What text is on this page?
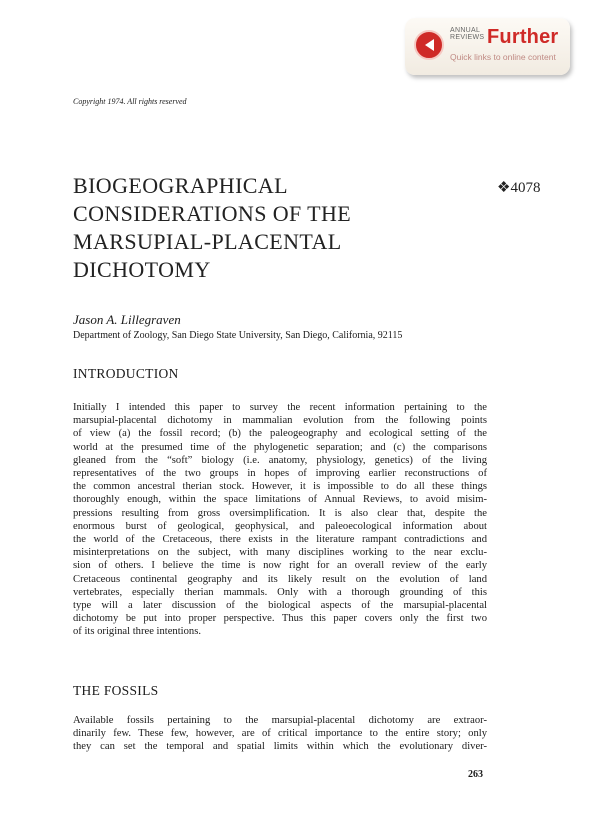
ANNUAL
REVIEWS Further
Quick links to online content
Copyright 1974. All rights reserved
BIOGEOGRAPHICAL
CONSIDERATIONS OF THE
MARSUPIAL-PLACENTAL
DICHOTOMY
❖4078
Jason A. Lillegraven
Department of Zoology, San Diego State University, San Diego, California, 92115
INTRODUCTION
Initially I intended this paper to survey the recent information pertaining to the
marsupial-placental dichotomy in mammalian evolution from the following points
of view (a) the fossil record; (b) the paleogeography and ecological setting of the
world at the presumed time of the phylogenetic separation; and (c) the comparisons
gleaned from the “soft” biology (i.e. anatomy, physiology, genetics) of the living
representatives of the two groups in hopes of improving earlier reconstructions of
the common ancestral therian stock. However, it is impossible to do all these things
thoroughly enough, within the space limitations of Annual Reviews, to avoid misim-
pressions resulting from gross oversimplification. It is also clear that, despite the
enormous burst of geological, geophysical, and paleoecological information about
the world of the Cretaceous, there exists in the literature rampant contradictions and
misinterpretations on the subject, with many disciplines working to the near exclu-
sion of others. I believe the time is now right for an overall review of the early
Cretaceous continental geography and its likely result on the evolution of land
vertebrates, especially therian mammals. Only with a thorough grounding of this
type will a later discussion of the biological aspects of the marsupial-placental
dichotomy be put into proper perspective. Thus this paper covers only the first two
of its original three intentions.
THE FOSSILS
Available fossils pertaining to the marsupial-placental dichotomy are extraor-
dinarily few. These few, however, are of critical importance to the entire story; only
they can set the temporal and spatial limits within which the evolutionary diver-
263
